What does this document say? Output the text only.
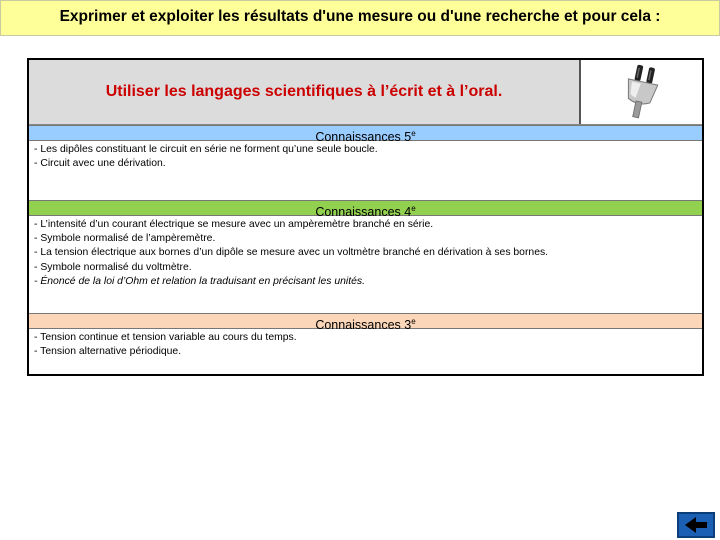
Exprimer et exploiter les résultats d'une mesure ou d'une recherche et pour cela :
Utiliser les langages scientifiques à l’écrit et à l’oral.
Connaissances 5e
- Les dipôles constituant le circuit en série ne forment qu’une seule boucle.
- Circuit avec une dérivation.
Connaissances 4e
- L’intensité d’un courant électrique se mesure avec un ampèremètre branché en série.
- Symbole normalisé de l’ampèremètre.
- La tension électrique aux bornes d’un dipôle se mesure avec un voltmètre branché en dérivation à ses bornes.
- Symbole normalisé du voltmètre.
- Énoncé de la loi d’Ohm et relation la traduisant en précisant les unités.
Connaissances 3e
- Tension continue et tension variable au cours du temps.
- Tension alternative périodique.
